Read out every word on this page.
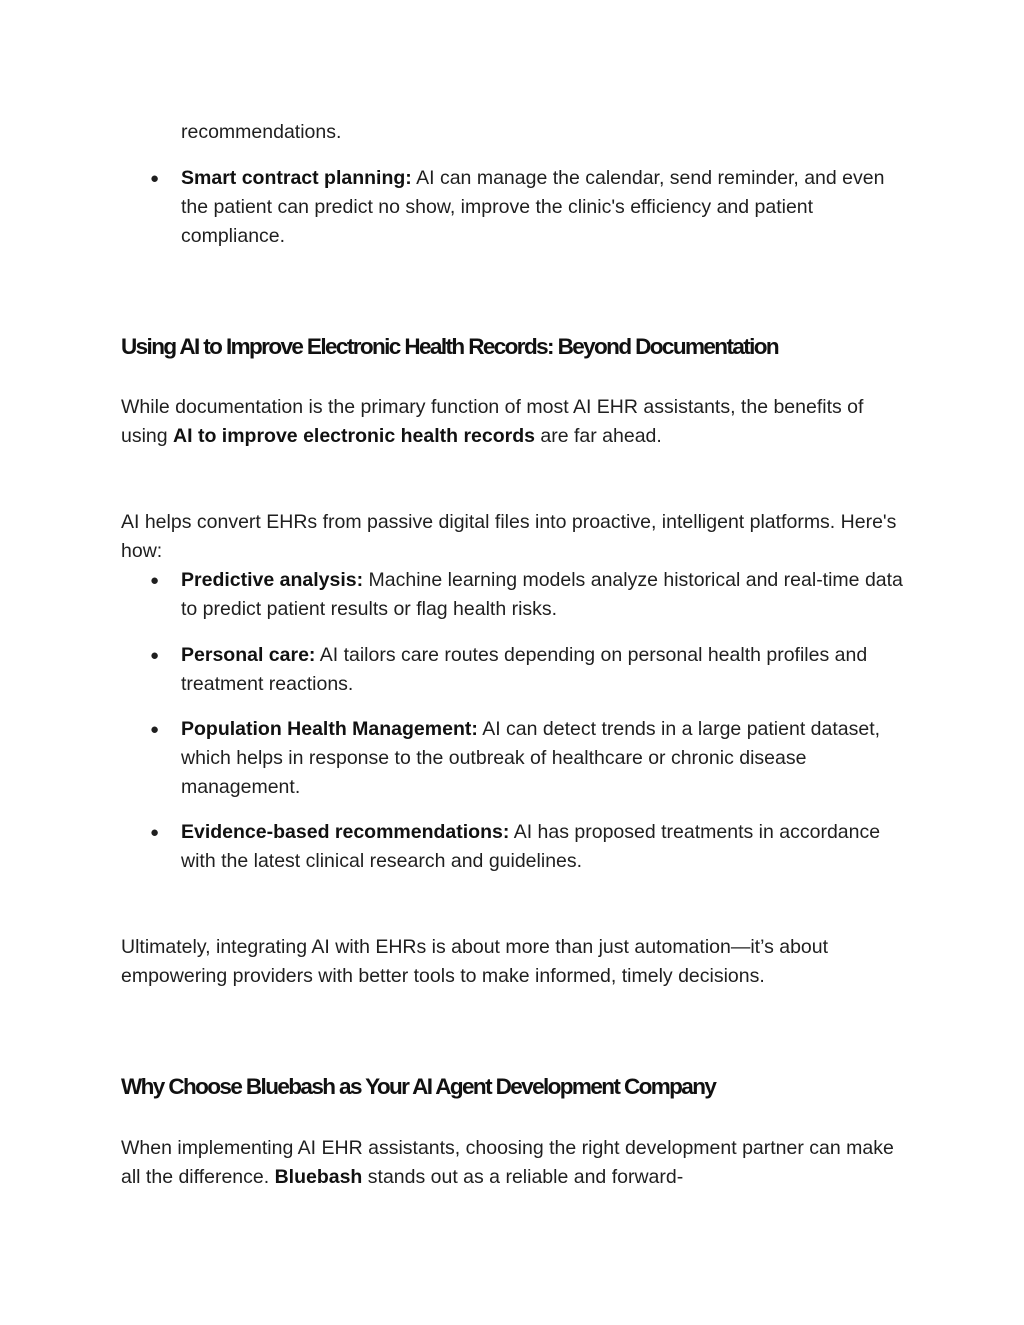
recommendations.

● Smart contract planning: AI can manage the calendar, send reminder, and even the patient can predict no show, improve the clinic's efficiency and patient compliance.
Using AI to Improve Electronic Health Records: Beyond Documentation

While documentation is the primary function of most AI EHR assistants, the benefits of using AI to improve electronic health records are far ahead.

AI helps convert EHRs from passive digital files into proactive, intelligent platforms. Here's how:

● Predictive analysis: Machine learning models analyze historical and real-time data to predict patient results or flag health risks.
● Personal care: AI tailors care routes depending on personal health profiles and treatment reactions.
● Population Health Management: AI can detect trends in a large patient dataset, which helps in response to the outbreak of healthcare or chronic disease management.
● Evidence-based recommendations: AI has proposed treatments in accordance with the latest clinical research and guidelines.

Ultimately, integrating AI with EHRs is about more than just automation—it’s about empowering providers with better tools to make informed, timely decisions.

Why Choose Bluebash as Your AI Agent Development Company

When implementing AI EHR assistants, choosing the right development partner can make all the difference. Bluebash stands out as a reliable and forward-
